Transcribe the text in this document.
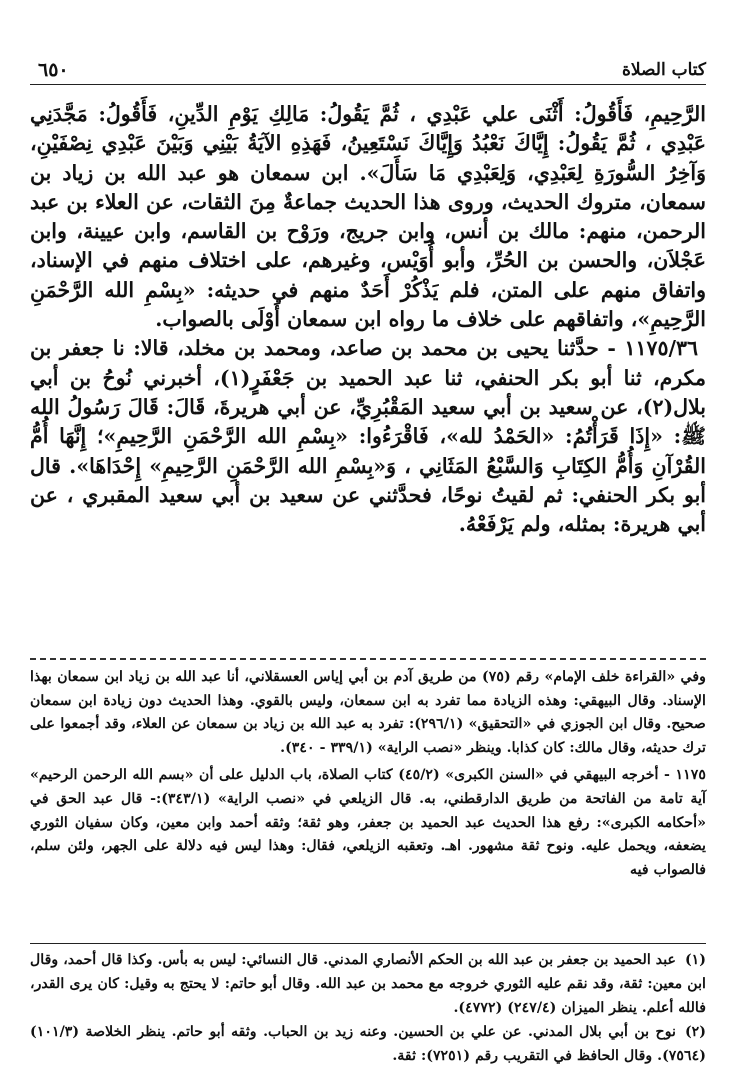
كتاب الصلاة
٦٥٠

الرَّحِيمِ، فَأَقُولُ: أَثْنَى علي عَبْدِي ، ثُمَّ يَقُولُ: مَالِكِ يَوْمِ الدِّينِ، فَأَقُولُ: مَجَّدَنِي عَبْدِي ، ثُمَّ يَقُولُ: إِيَّاكَ نَعْبُدُ وَإِيَّاكَ نَسْتَعِينُ، فَهَذِهِ الآيَةُ بَيْنِي وَبَيْنَ عَبْدِي نِصْفَيْنِ، وَآخِرُ السُّورَةِ لِعَبْدِي، وَلِعَبْدِي مَا سَأَلَ». ابن سمعان هو عبد الله بن زياد بن سمعان، متروك الحديث، وروى هذا الحديث جماعةٌ مِنَ الثقات، عن العلاء بن عبد الرحمن، منهم: مالك بن أنس، وابن جريج، ورَوْح بن القاسم، وابن عيينة، وابن عَجْلاَن، والحسن بن الحُرِّ، وأبو أُوَيْس، وغيرهم، على اختلاف منهم في الإسناد، واتفاق منهم على المتن، فلم يَذْكُرْ أَحَدٌ منهم في حديثه: «بِسْمِ الله الرَّحْمَنِ الرَّحِيمِ»، واتفاقهم على خلاف ما رواه ابن سمعان أَوْلَى بالصواب.

١١٧٥/٣٦ - حدَّثنا يحيى بن محمد بن صاعد، ومحمد بن مخلد، قالا: نا جعفر بن مكرم، ثنا أبو بكر الحنفي، ثنا عبد الحميد بن جَعْفَرٍ(١)، أخبرني نُوحُ بن أبي بلال(٢)، عن سعيد بن أبي سعيد المَقْبُرِيِّ، عن أبي هريرةَ، قَالَ: قَالَ رَسُولُ الله ﷺ: «إِذَا قَرَأْتُمُ: «الحَمْدُ لله»، فَاقْرَءُوا: «بِسْمِ الله الرَّحْمَنِ الرَّحِيمِ»؛ إِنَّهَا أُمُّ القُرْآنِ وَأُمُّ الكِتَابِ وَالسَّبْعُ المَثَانِي ، وَ«بِسْمِ الله الرَّحْمَنِ الرَّحِيمِ» إِحْدَاهَا». قال أبو بكر الحنفي: ثم لقيتُ نوحًا، فحدَّثني عن سعيد بن أبي سعيد المقبري ، عن أبي هريرة: بمثله، ولم يَرْفَعْهُ.

وفي «القراءة خلف الإمام» رقم (٧٥) من طريق آدم بن أبي إياس العسقلاني، أنا عبد الله بن زياد ابن سمعان بهذا الإسناد. وقال البيهقي: وهذه الزيادة مما تفرد به ابن سمعان، وليس بالقوي. وهذا الحديث دون زيادة ابن سمعان صحيح. وقال ابن الجوزي في «التحقيق» (٢٩٦/١): تفرد به عبد الله بن زياد بن سمعان عن العلاء، وقد أجمعوا على ترك حديثه، وقال مالك: كان كذابا. وينظر «نصب الراية» (٣٣٩/١ - ٣٤٠).

١١٧٥ - أخرجه البيهقي في «السنن الكبرى» (٤٥/٢) كتاب الصلاة، باب الدليل على أن «بسم الله الرحمن الرحيم» آية تامة من الفاتحة من طريق الدارقطني، به. قال الزيلعي في «نصب الراية» (٣٤٣/١):- قال عبد الحق في «أحكامه الكبرى»: رفع هذا الحديث عبد الحميد بن جعفر، وهو ثقة؛ وثقه أحمد وابن معين، وكان سفيان الثوري يضعفه، ويحمل عليه. ونوح ثقة مشهور. اهـ. وتعقبه الزيلعي، فقال: وهذا ليس فيه دلالة على الجهر، ولئن سلم، فالصواب فيه

(١)عبد الحميد بن جعفر بن عبد الله بن الحكم الأنصاري المدني. قال النسائي: ليس به بأس. وكذا قال أحمد، وقال ابن معين: ثقة، وقد نقم عليه الثوري خروجه مع محمد بن عبد الله. وقال أبو حاتم: لا يحتج به وقيل: كان يرى القدر، فالله أعلم. ينظر الميزان (٢٤٧/٤) (٤٧٧٢).

(٢)نوح بن أبي بلال المدني. عن علي بن الحسين. وعنه زيد بن الحباب. وثقه أبو حاتم. ينظر الخلاصة (١٠١/٣) (٧٥٦٤). وقال الحافظ في التقريب رقم (٧٢٥١): ثقة.
